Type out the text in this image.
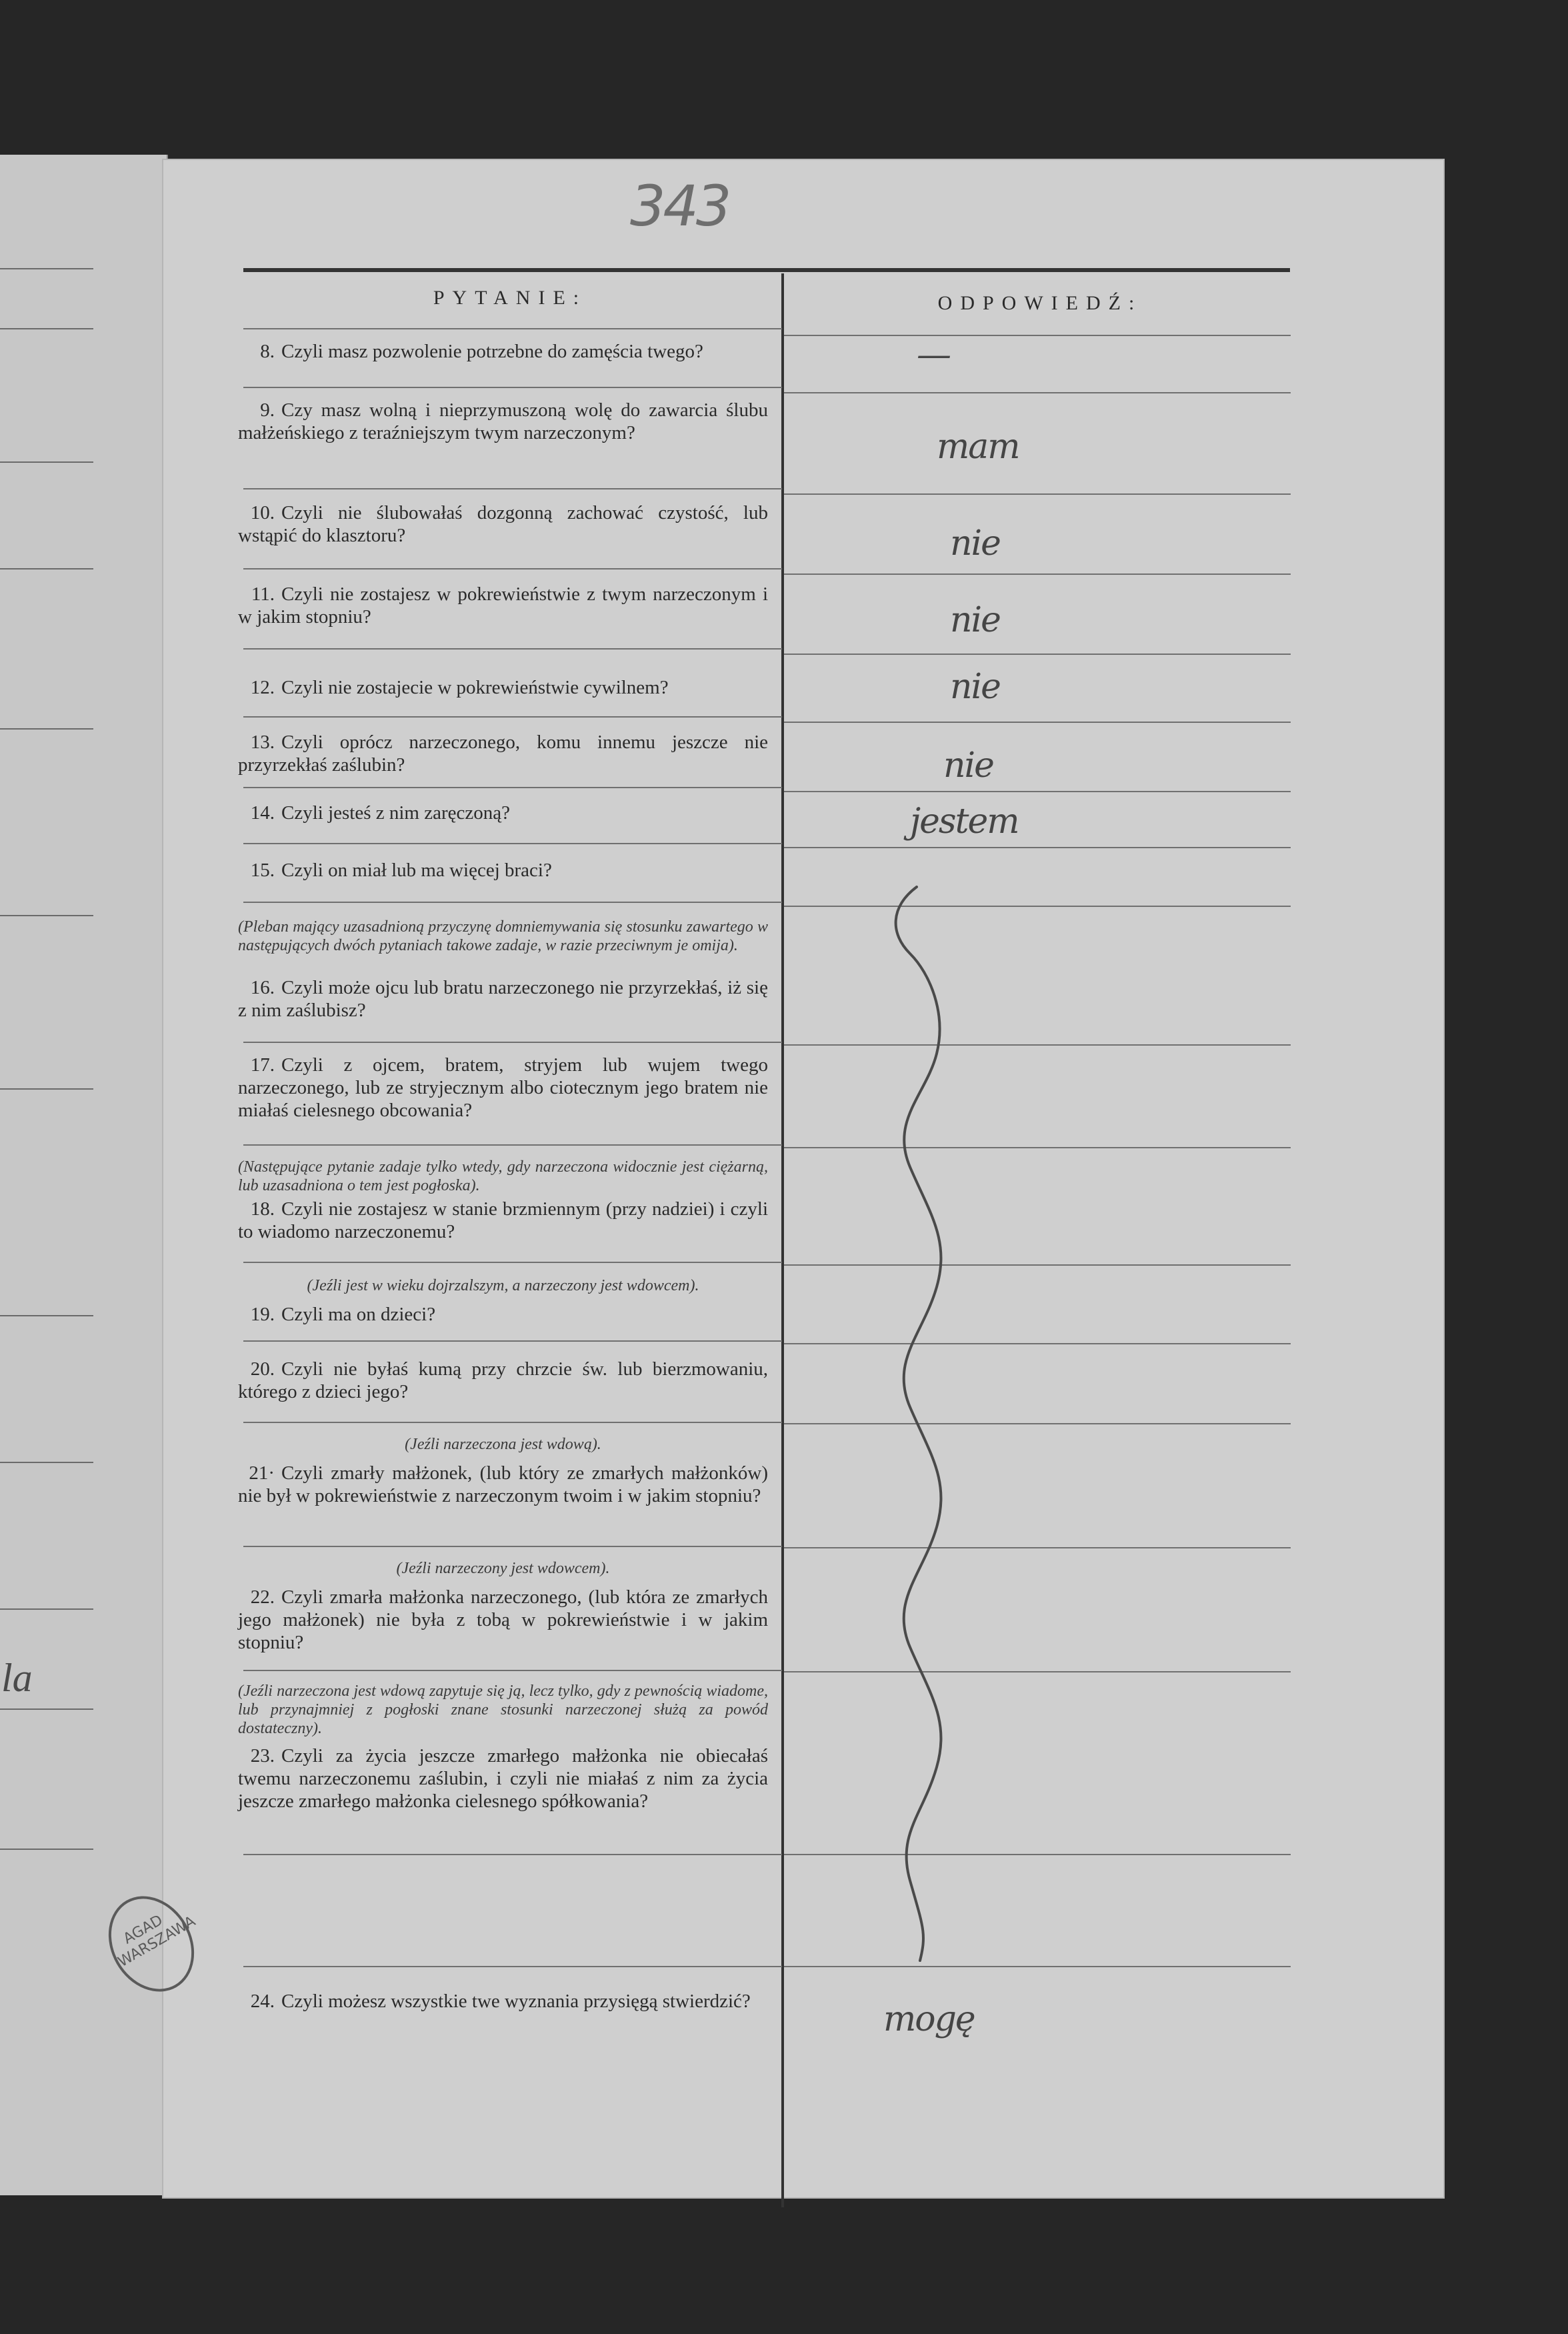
la
343
PYTANIE:	ODPOWIEDŹ:
8. Czyli masz pozwolenie potrzebne do zamęścia twego?
9. Czy masz wolną i nieprzymuszoną wolę do zawarcia ślubu małżeńskiego z teraźniejszym twym narzeczonym?
10. Czyli nie ślubowałaś dozgonną zachować czystość, lub wstąpić do klasztoru?
11. Czyli nie zostajesz w pokrewieństwie z twym narzeczonym i w jakim stopniu?
12. Czyli nie zostajecie w pokrewieństwie cywilnem?
13. Czyli oprócz narzeczonego, komu innemu jeszcze nie przyrzekłaś zaślubin?
14. Czyli jesteś z nim zaręczoną?
15. Czyli on miał lub ma więcej braci?
(Pleban mający uzasadnioną przyczynę domniemywania się stosunku zawartego w następujących dwóch pytaniach takowe zadaje, w razie przeciwnym je omija).
16. Czyli może ojcu lub bratu narzeczonego nie przyrzekłaś, iż się z nim zaślubisz?
17. Czyli z ojcem, bratem, stryjem lub wujem twego narzeczonego, lub ze stryjecznym albo ciotecznym jego bratem nie miałaś cielesnego obcowania?
(Następujące pytanie zadaje tylko wtedy, gdy narzeczona widocznie jest ciężarną, lub uzasadniona o tem jest pogłoska).
18. Czyli nie zostajesz w stanie brzmiennym (przy nadziei) i czyli to wiadomo narzeczonemu?
(Jeźli jest w wieku dojrzalszym, a narzeczony jest wdowcem).
19. Czyli ma on dzieci?
20. Czyli nie byłaś kumą przy chrzcie św. lub bierzmowaniu, którego z dzieci jego?
(Jeźli narzeczona jest wdową).
21· Czyli zmarły małżonek, (lub który ze zmarłych małżonków) nie był w pokrewieństwie z narzeczonym twoim i w jakim stopniu?
(Jeźli narzeczony jest wdowcem).
22. Czyli zmarła małżonka narzeczonego, (lub która ze zmarłych jego małżonek) nie była z tobą w pokrewieństwie i w jakim stopniu?
(Jeźli narzeczona jest wdową zapytuje się ją, lecz tylko, gdy z pewnością wiadome, lub przynajmniej z pogłoski znane stosunki narzeczonej służą za powód dostateczny).
23. Czyli za życia jeszcze zmarłego małżonka nie obiecałaś twemu narzeczonemu zaślubin, i czyli nie miałaś z nim za życia jeszcze zmarłego małżonka cielesnego spółkowania?
24. Czyli możesz wszystkie twe wyznania przysięgą stwierdzić?
—
mam
nie
nie
nie
nie
jestem
mogę
AGAD WARSZAWA
